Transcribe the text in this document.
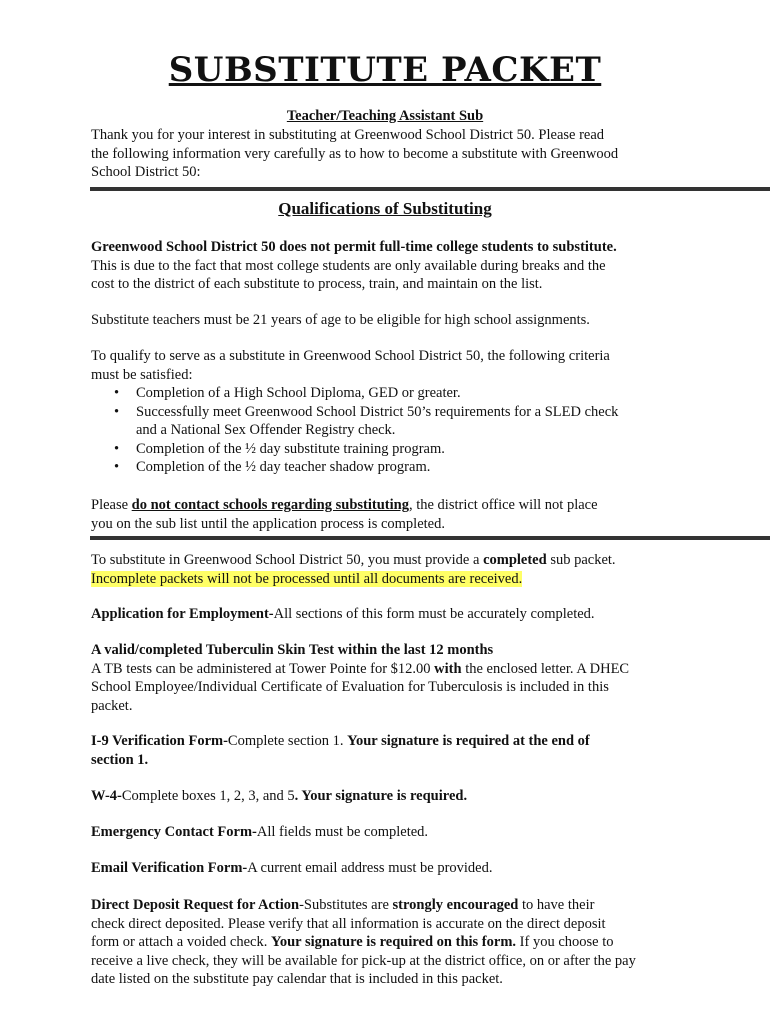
SUBSTITUTE PACKET
Teacher/Teaching Assistant Sub
Thank you for your interest in substituting at Greenwood School District 50. Please read
the following information very carefully as to how to become a substitute with Greenwood
School District 50:
Qualifications of Substituting
Greenwood School District 50 does not permit full-time college students to substitute.
This is due to the fact that most college students are only available during breaks and the
cost to the district of each substitute to process, train, and maintain on the list.
Substitute teachers must be 21 years of age to be eligible for high school assignments.
To qualify to serve as a substitute in Greenwood School District 50, the following criteria
must be satisfied:
• Completion of a High School Diploma, GED or greater.
• Successfully meet Greenwood School District 50’s requirements for a SLED check
and a National Sex Offender Registry check.
• Completion of the ½ day substitute training program.
• Completion of the ½ day teacher shadow program.
Please do not contact schools regarding substituting, the district office will not place
you on the sub list until the application process is completed.
To substitute in Greenwood School District 50, you must provide a completed sub packet.
Incomplete packets will not be processed until all documents are received.
Application for Employment-All sections of this form must be accurately completed.
A valid/completed Tuberculin Skin Test within the last 12 months
A TB tests can be administered at Tower Pointe for $12.00 with the enclosed letter. A DHEC
School Employee/Individual Certificate of Evaluation for Tuberculosis is included in this
packet.
I-9 Verification Form-Complete section 1. Your signature is required at the end of
section 1.
W-4-Complete boxes 1, 2, 3, and 5. Your signature is required.
Emergency Contact Form-All fields must be completed.
Email Verification Form-A current email address must be provided.
Direct Deposit Request for Action-Substitutes are strongly encouraged to have their
check direct deposited. Please verify that all information is accurate on the direct deposit
form or attach a voided check. Your signature is required on this form. If you choose to
receive a live check, they will be available for pick-up at the district office, on or after the pay
date listed on the substitute pay calendar that is included in this packet.
